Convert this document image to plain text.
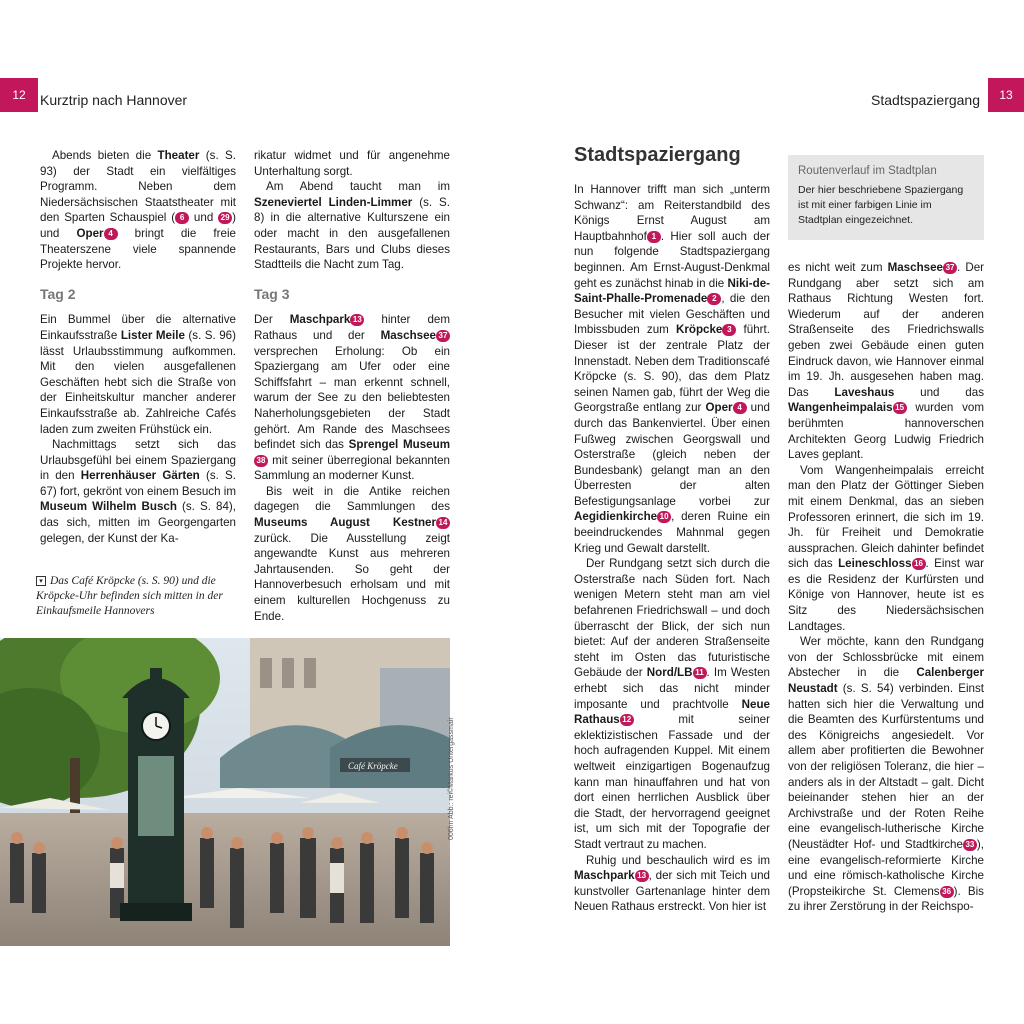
12	Kurztrip nach Hannover

Abends bieten die Theater (s. S. 93) der Stadt ein vielfältiges Programm. Neben dem Niedersächsischen Staatstheater mit den Sparten Schauspiel ( 6 und 29 ) und Oper 4 bringt die freie Theaterszene viele spannende Projekte hervor.

Tag 2

Ein Bummel über die alternative Einkaufsstraße Lister Meile (s. S. 96) lässt Urlaubsstimmung aufkommen. Mit den vielen ausgefallenen Geschäften hebt sich die Straße von der Einheitskultur mancher anderer Einkaufsstraße ab. Zahlreiche Cafés laden zum zweiten Frühstück ein.

Nachmittags setzt sich das Urlaubsgefühl bei einem Spaziergang in den Herrenhäuser Gärten (s. S. 67) fort, gekrönt von einem Besuch im Museum Wilhelm Busch (s. S. 84), das sich, mitten im Georgengarten gelegen, der Kunst der Ka-

rikatur widmet und für angenehme Unterhaltung sorgt.

Am Abend taucht man im Szeneviertel Linden-Limmer (s. S. 8) in die alternative Kulturszene ein oder macht in den ausgefallenen Restaurants, Bars und Clubs dieses Stadtteils die Nacht zum Tag.

Tag 3

Der Maschpark 13 hinter dem Rathaus und der Maschsee 37 versprechen Erholung: Ob ein Spaziergang am Ufer oder eine Schiffsfahrt – man erkennt schnell, warum der See zu den beliebtesten Naherholungsgebieten der Stadt gehört. Am Rande des Maschsees befindet sich das Sprengel Museum38 mit seiner überregional bekannten Sammlung an moderner Kunst.

Bis weit in die Antike reichen dagegen die Sammlungen des Museums August Kestner 14 zurück. Die Ausstellung zeigt angewandte Kunst aus mehreren Jahrtausenden. So geht der Hannoverbesuch erholsam und mit einem kulturellen Hochgenuss zu Ende.

▾ Das Café Kröpcke (s. S. 90) und die Kröpcke-Uhr befinden sich mitten in der Einkaufsmeile Hannovers
Café Kröpcke	006hn Abb.: rei©Markus Untergassmair
Stadtspaziergang	13
Stadtspaziergang
Routenverlauf im Stadtplan
Der hier beschriebene Spaziergang ist mit einer farbigen Linie im Stadtplan eingezeichnet.

In Hannover trifft man sich „unterm Schwanz“: am Reiterstandbild des Königs Ernst August am Hauptbahnhof 1 . Hier soll auch der nun folgende Stadtspaziergang beginnen. Am Ernst-August-Denkmal geht es zunächst hinab in die Niki-de-Saint-Phalle-Promenade 2 , die den Besucher mit vielen Geschäften und Imbissbuden zum Kröpcke 3 führt. Dieser ist der zentrale Platz der Innenstadt. Neben dem Traditionscafé Kröpcke (s. S. 90), das dem Platz seinen Namen gab, führt der Weg die Georgstraße entlang zur Oper 4 und durch das Bankenviertel. Über einen Fußweg zwischen Georgswall und Osterstraße (gleich neben der Bundesbank) gelangt man an den Überresten der alten Befestigungsanlage vorbei zur Aegidienkirche 10 , deren Ruine ein beeindruckendes Mahnmal gegen Krieg und Gewalt darstellt.

Der Rundgang setzt sich durch die Osterstraße nach Süden fort. Nach wenigen Metern steht man am viel befahrenen Friedrichswall – und doch überrascht der Blick, der sich nun bietet: Auf der anderen Straßenseite steht im Osten das futuristische Gebäude der Nord/LB 11 . Im Westen erhebt sich das nicht minder imposante und prachtvolle Neue Rathaus 12 mit seiner eklektizistischen Fassade und der hoch aufragenden Kuppel. Mit einem weltweit einzigartigen Bogenaufzug kann man hinauffahren und hat von dort einen herrlichen Ausblick über die Stadt, der hervorragend geeignet ist, um sich mit der Topografie der Stadt vertraut zu machen.

Ruhig und beschaulich wird es im Maschpark 13 , der sich mit Teich und kunstvoller Gartenanlage hinter dem Neuen Rathaus erstreckt. Von hier ist

es nicht weit zum Maschsee 37 . Der Rundgang aber setzt sich am Rathaus Richtung Westen fort. Wiederum auf der anderen Straßenseite des Friedrichswalls geben zwei Gebäude einen guten Eindruck davon, wie Hannover einmal im 19. Jh. ausgesehen haben mag. Das Laveshaus und das Wangenheimpalais 15 wurden vom berühmten hannoverschen Architekten Georg Ludwig Friedrich Laves geplant.

Vom Wangenheimpalais erreicht man den Platz der Göttinger Sieben mit einem Denkmal, das an sieben Professoren erinnert, die sich im 19. Jh. für Freiheit und Demokratie aussprachen. Gleich dahinter befindet sich das Leineschloss 16 . Einst war es die Residenz der Kurfürsten und Könige von Hannover, heute ist es Sitz des Niedersächsischen Landtages.

Wer möchte, kann den Rundgang von der Schlossbrücke mit einem Abstecher in die Calenberger Neustadt (s. S. 54) verbinden. Einst hatten sich hier die Verwaltung und die Beamten des Kurfürstentums und des Königreichs angesiedelt. Vor allem aber profitierten die Bewohner von der religiösen Toleranz, die hier – anders als in der Altstadt – galt. Dicht beieinander stehen hier an der Archivstraße und der Roten Reihe eine evangelisch-lutherische Kirche (Neustädter Hof- und Stadtkirche 33 ), eine evangelisch-reformierte Kirche und eine römisch-katholische Kirche (Propsteikirche St. Clemens 36 ). Bis zu ihrer Zerstörung in der Reichspo-
